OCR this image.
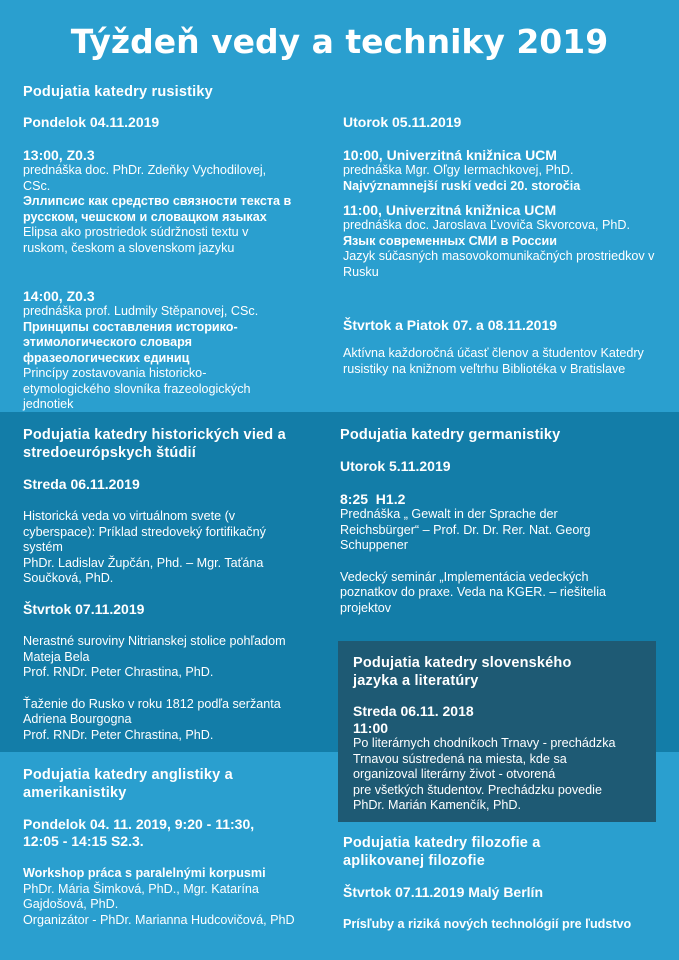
Týždeň vedy a techniky 2019
Podujatia katedry rusistiky
Pondelok 04.11.2019
13:00, Z0.3
prednáška doc. PhDr. Zdeňky Vychodilovej, CSc.
Эллипсис как средство связности текста в русском, чешском и словацком языках
Elipsa ako prostriedok súdržnosti textu v ruskom, českom a slovenskom jazyku
14:00, Z0.3
prednáška prof. Ludmily Stěpanovej, CSc.
Принципы составления историко-этимологического словаря фразеологических единиц
Princípy zostavovania historicko-etymologického slovníka frazeologických jednotiek
Utorok 05.11.2019
10:00, Univerzitná knižnica UCM
prednáška Mgr. Oľgy Iermachkovej, PhD.
Najvýznamnejší ruskí vedci 20. storočia
11:00, Univerzitná knižnica UCM
prednáška doc. Jaroslava Ľvoviča Skvorcova, PhD.
Язык современных СМИ в России
Jazyk súčasných masovokomunikačných prostriedkov v Rusku
Štvrtok a Piatok 07. a 08.11.2019
Aktívna každoročná účasť členov a študentov Katedry rusistiky na knižnom veľtrhu Bibliotéka v Bratislave
Podujatia katedry historických vied a stredoeurópskych štúdií
Streda 06.11.2019
Historická veda vo virtuálnom svete (v cyberspace): Príklad stredoveký fortifikačný systém
PhDr. Ladislav Župčán, Phd. – Mgr. Taťána Součková, PhD.
Štvrtok 07.11.2019
Nerastné suroviny Nitrianskej stolice pohľadom Mateja Bela
Prof. RNDr. Peter Chrastina, PhD.
Ťaženie do Rusko v roku 1812 podľa seržanta Adriena Bourgogna
Prof. RNDr. Peter Chrastina, PhD.
Podujatia katedry germanistiky
Utorok 5.11.2019
8:25  H1.2
Prednáška „ Gewalt in der Sprache der Reichsbürger“ – Prof. Dr. Dr. Rer. Nat. Georg Schuppener
Vedecký seminár „Implementácia vedeckých poznatkov do praxe. Veda na KGER. – riešitelia projektov
Podujatia katedry slovenského jazyka a literatúry
Streda 06.11. 2018
11:00
Po literárnych chodníkoch Trnavy - prechádzka
Trnavou sústredená na miesta, kde sa
organizoval literárny život - otvorená
pre všetkých študentov. Prechádzku povedie
PhDr. Marián Kamenčík, PhD.
Podujatia katedry anglistiky a amerikanistiky
Pondelok 04. 11. 2019, 9:20 - 11:30, 12:05 - 14:15 S2.3.
Workshop práca s paralelnými korpusmi
PhDr. Mária Šimková, PhD., Mgr. Katarína Gajdošová, PhD.
Organizátor - PhDr. Marianna Hudcovičová, PhD
Podujatia katedry filozofie a aplikovanej filozofie
Štvrtok 07.11.2019 Malý Berlín
Prísľuby a riziká nových technológií pre ľudstvo
